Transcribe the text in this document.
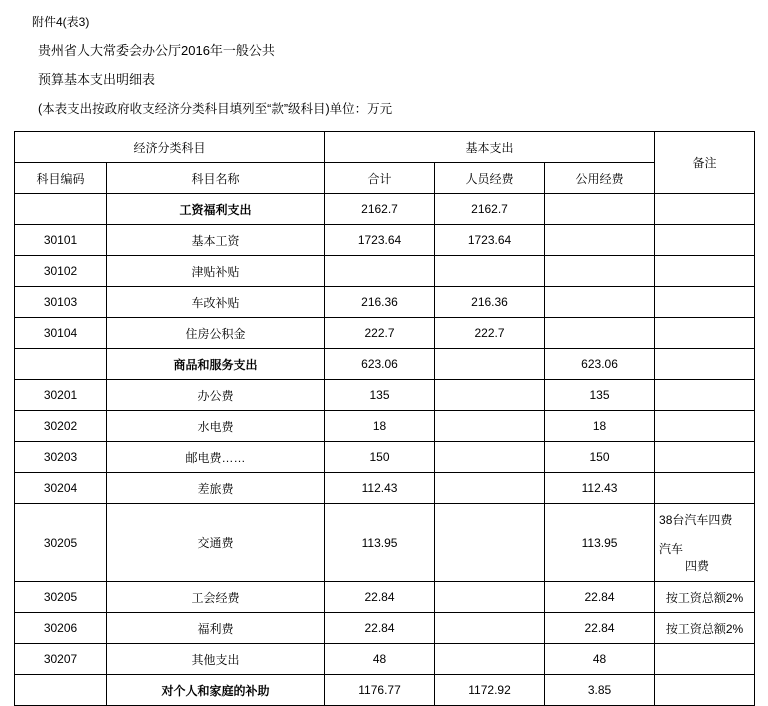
附件4(表3)
贵州省人大常委会办公厅2016年一般公共
预算基本支出明细表
(本表支出按政府收支经济分类科目填列至“款”级科目)单位：万元
经济分类科目		基本支出			备注
科目编码	科目名称	合计	人员经费	公用经费	
	工资福利支出	2162.7	2162.7		
30101	基本工资	1723.64	1723.64		
30102	津贴补贴				
30103	车改补贴	216.36	216.36		
30104	住房公积金	222.7	222.7		
	商品和服务支出	623.06		623.06	
30201	办公费	135		135	
30202	水电费	18		18	
30203	邮电费……	150		150	
30204	差旅费	112.43		112.43	
30205	交通费	113.95		113.95	38台汽车四费
汽车
四费

30205	工会经费	22.84		22.84	按工资总额2%
30206	福利费	22.84		22.84	按工资总额2%
30207	其他支出	48		48	
	对个人和家庭的补助	1176.77	1172.92	3.85	
